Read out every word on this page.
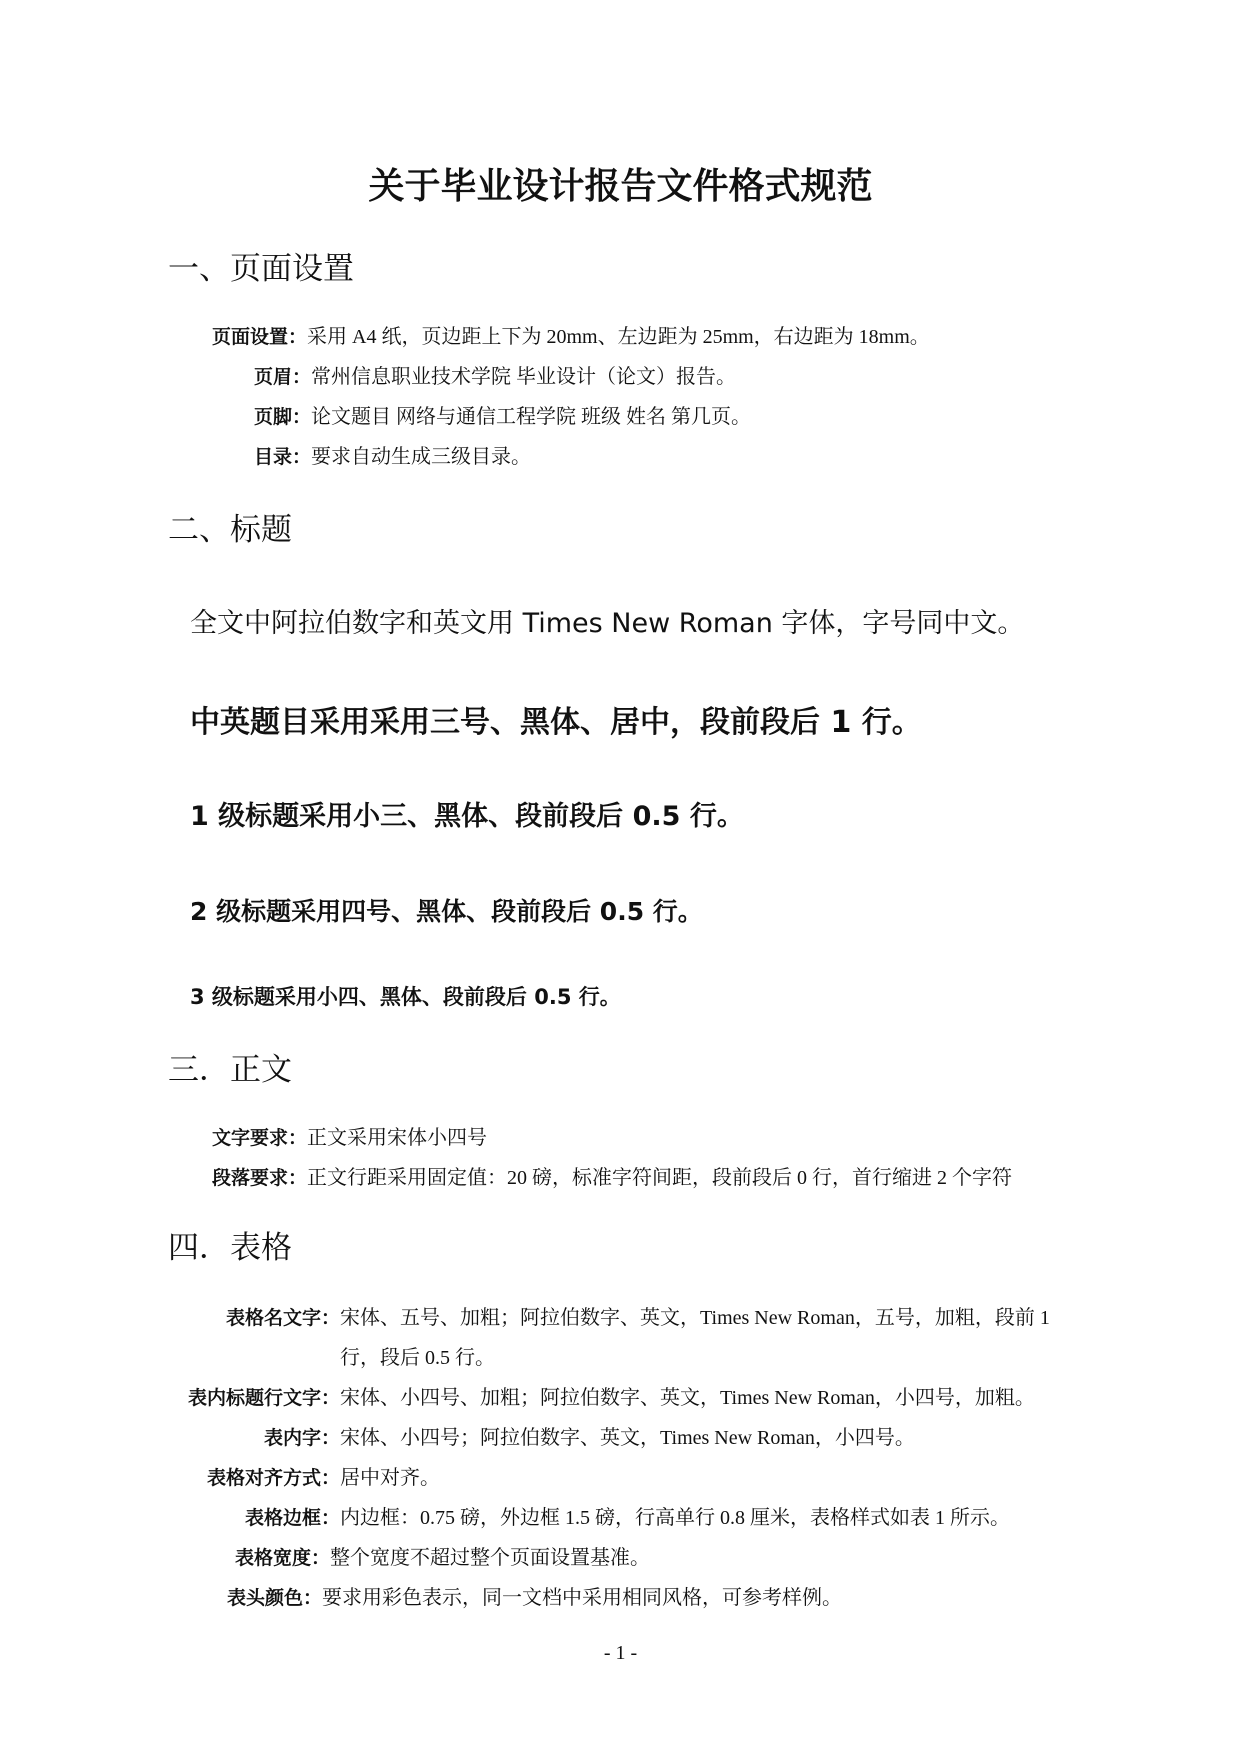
关于毕业设计报告文件格式规范
一、页面设置
页面设置：采用 A4 纸，页边距上下为 20mm、左边距为 25mm，右边距为 18mm。
页眉：常州信息职业技术学院 毕业设计（论文）报告。
页脚：论文题目 网络与通信工程学院 班级 姓名 第几页。
目录：要求自动生成三级目录。
二、标题
全文中阿拉伯数字和英文用 Times New Roman 字体，字号同中文。
中英题目采用采用三号、黑体、居中，段前段后 1 行。
1 级标题采用小三、黑体、段前段后 0.5 行。
2 级标题采用四号、黑体、段前段后 0.5 行。
3 级标题采用小四、黑体、段前段后 0.5 行。
三．正文
文字要求：正文采用宋体小四号
段落要求：正文行距采用固定值：20 磅，标准字符间距，段前段后 0 行，首行缩进 2 个字符
四．表格
表格名文字：宋体、五号、加粗；阿拉伯数字、英文，Times New Roman，五号，加粗，段前 1
行，段后 0.5 行。
表内标题行文字：宋体、小四号、加粗；阿拉伯数字、英文，Times New Roman，小四号，加粗。
表内字：宋体、小四号；阿拉伯数字、英文，Times New Roman，小四号。
表格对齐方式：居中对齐。
表格边框：内边框：0.75 磅，外边框 1.5 磅，行高单行 0.8 厘米，表格样式如表 1 所示。
表格宽度：整个宽度不超过整个页面设置基准。
表头颜色：要求用彩色表示，同一文档中采用相同风格，可参考样例。
- 1 -
